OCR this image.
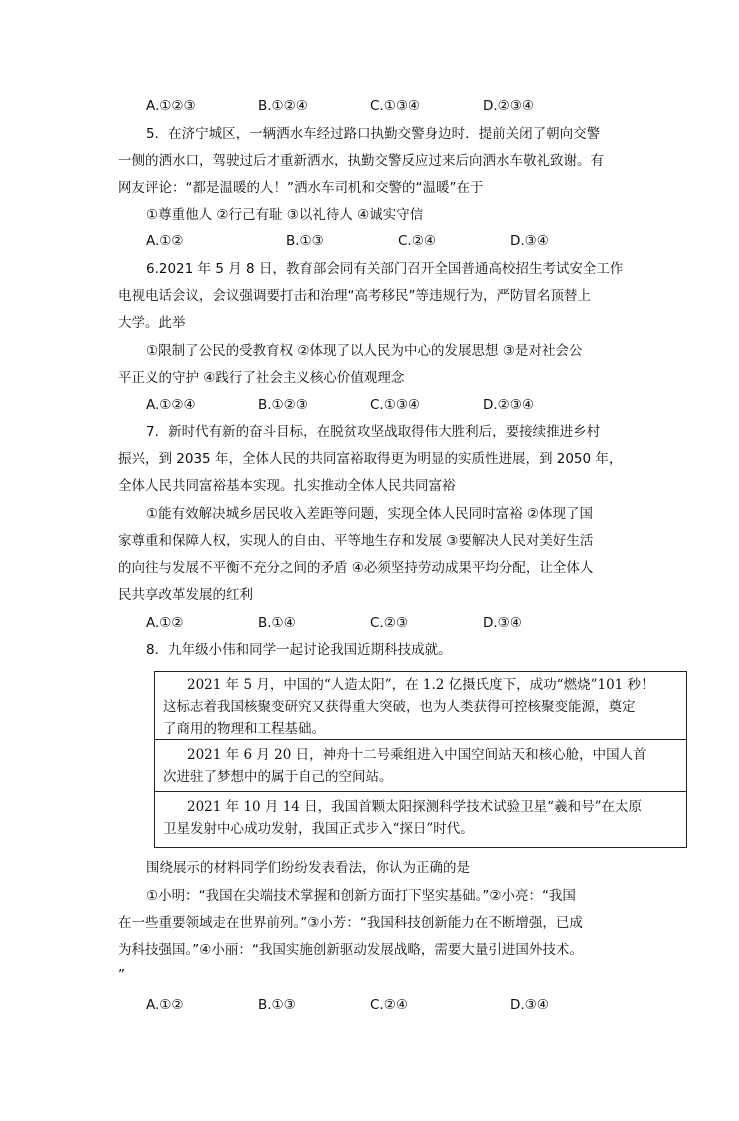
A.①②③	B.①②④	C.①③④	D.②③④
5．在济宁城区，一辆洒水车经过路口执勤交警身边时．提前关闭了朝向交警
一侧的洒水口，驾驶过后才重新洒水，执勤交警反应过来后向洒水车敬礼致谢。有
网友评论：“都是温暖的人！”洒水车司机和交警的“温暖”在于
①尊重他人 ②行己有耻 ③以礼待人 ④诚实守信
A.①②	B.①③	C.②④	D.③④
6.2021 年 5 月 8 日，教育部会同有关部门召开全国普通高校招生考试安全工作
电视电话会议，会议强调要打击和治理“高考移民”等违规行为，严防冒名顶替上
大学。此举
①限制了公民的受教育权 ②体现了以人民为中心的发展思想 ③是对社会公
平正义的守护 ④践行了社会主义核心价值观理念
A.①②④	B.①②③	C.①③④	D.②③④
7．新时代有新的奋斗目标，在脱贫攻坚战取得伟大胜利后，要接续推进乡村
振兴，到 2035 年，全体人民的共同富裕取得更为明显的实质性进展，到 2050 年，
全体人民共同富裕基本实现。扎实推动全体人民共同富裕
①能有效解决城乡居民收入差距等问题，实现全体人民同时富裕 ②体现了国
家尊重和保障人权，实现人的自由、平等地生存和发展 ③要解决人民对美好生活
的向往与发展不平衡不充分之间的矛盾 ④必须坚持劳动成果平均分配，让全体人
民共享改革发展的红利
A.①②	B.①④	C.②③	D.③④
8．九年级小伟和同学一起讨论我国近期科技成就。
2021 年 5 月，中国的“人造太阳”，在 1.2 亿摄氏度下，成功“燃烧”101 秒！
这标志着我国核聚变研究又获得重大突破，也为人类获得可控核聚变能源，奠定
了商用的物理和工程基础。
2021 年 6 月 20 日，神舟十二号乘组进入中国空间站天和核心舱，中国人首
次进驻了梦想中的属于自己的空间站。
2021 年 10 月 14 日，我国首颗太阳探测科学技术试验卫星“羲和号”在太原
卫星发射中心成功发射，我国正式步入“探日”时代。
围绕展示的材料同学们纷纷发表看法，你认为正确的是
①小明：“我国在尖端技术掌握和创新方面打下坚实基础。”②小亮：“我国
在一些重要领域走在世界前列。”③小芳：“我国科技创新能力在不断增强，已成
为科技强国。”④小丽：“我国实施创新驱动发展战略，需要大量引进国外技术。
”
A.①②	B.①③	C.②④	D.③④
